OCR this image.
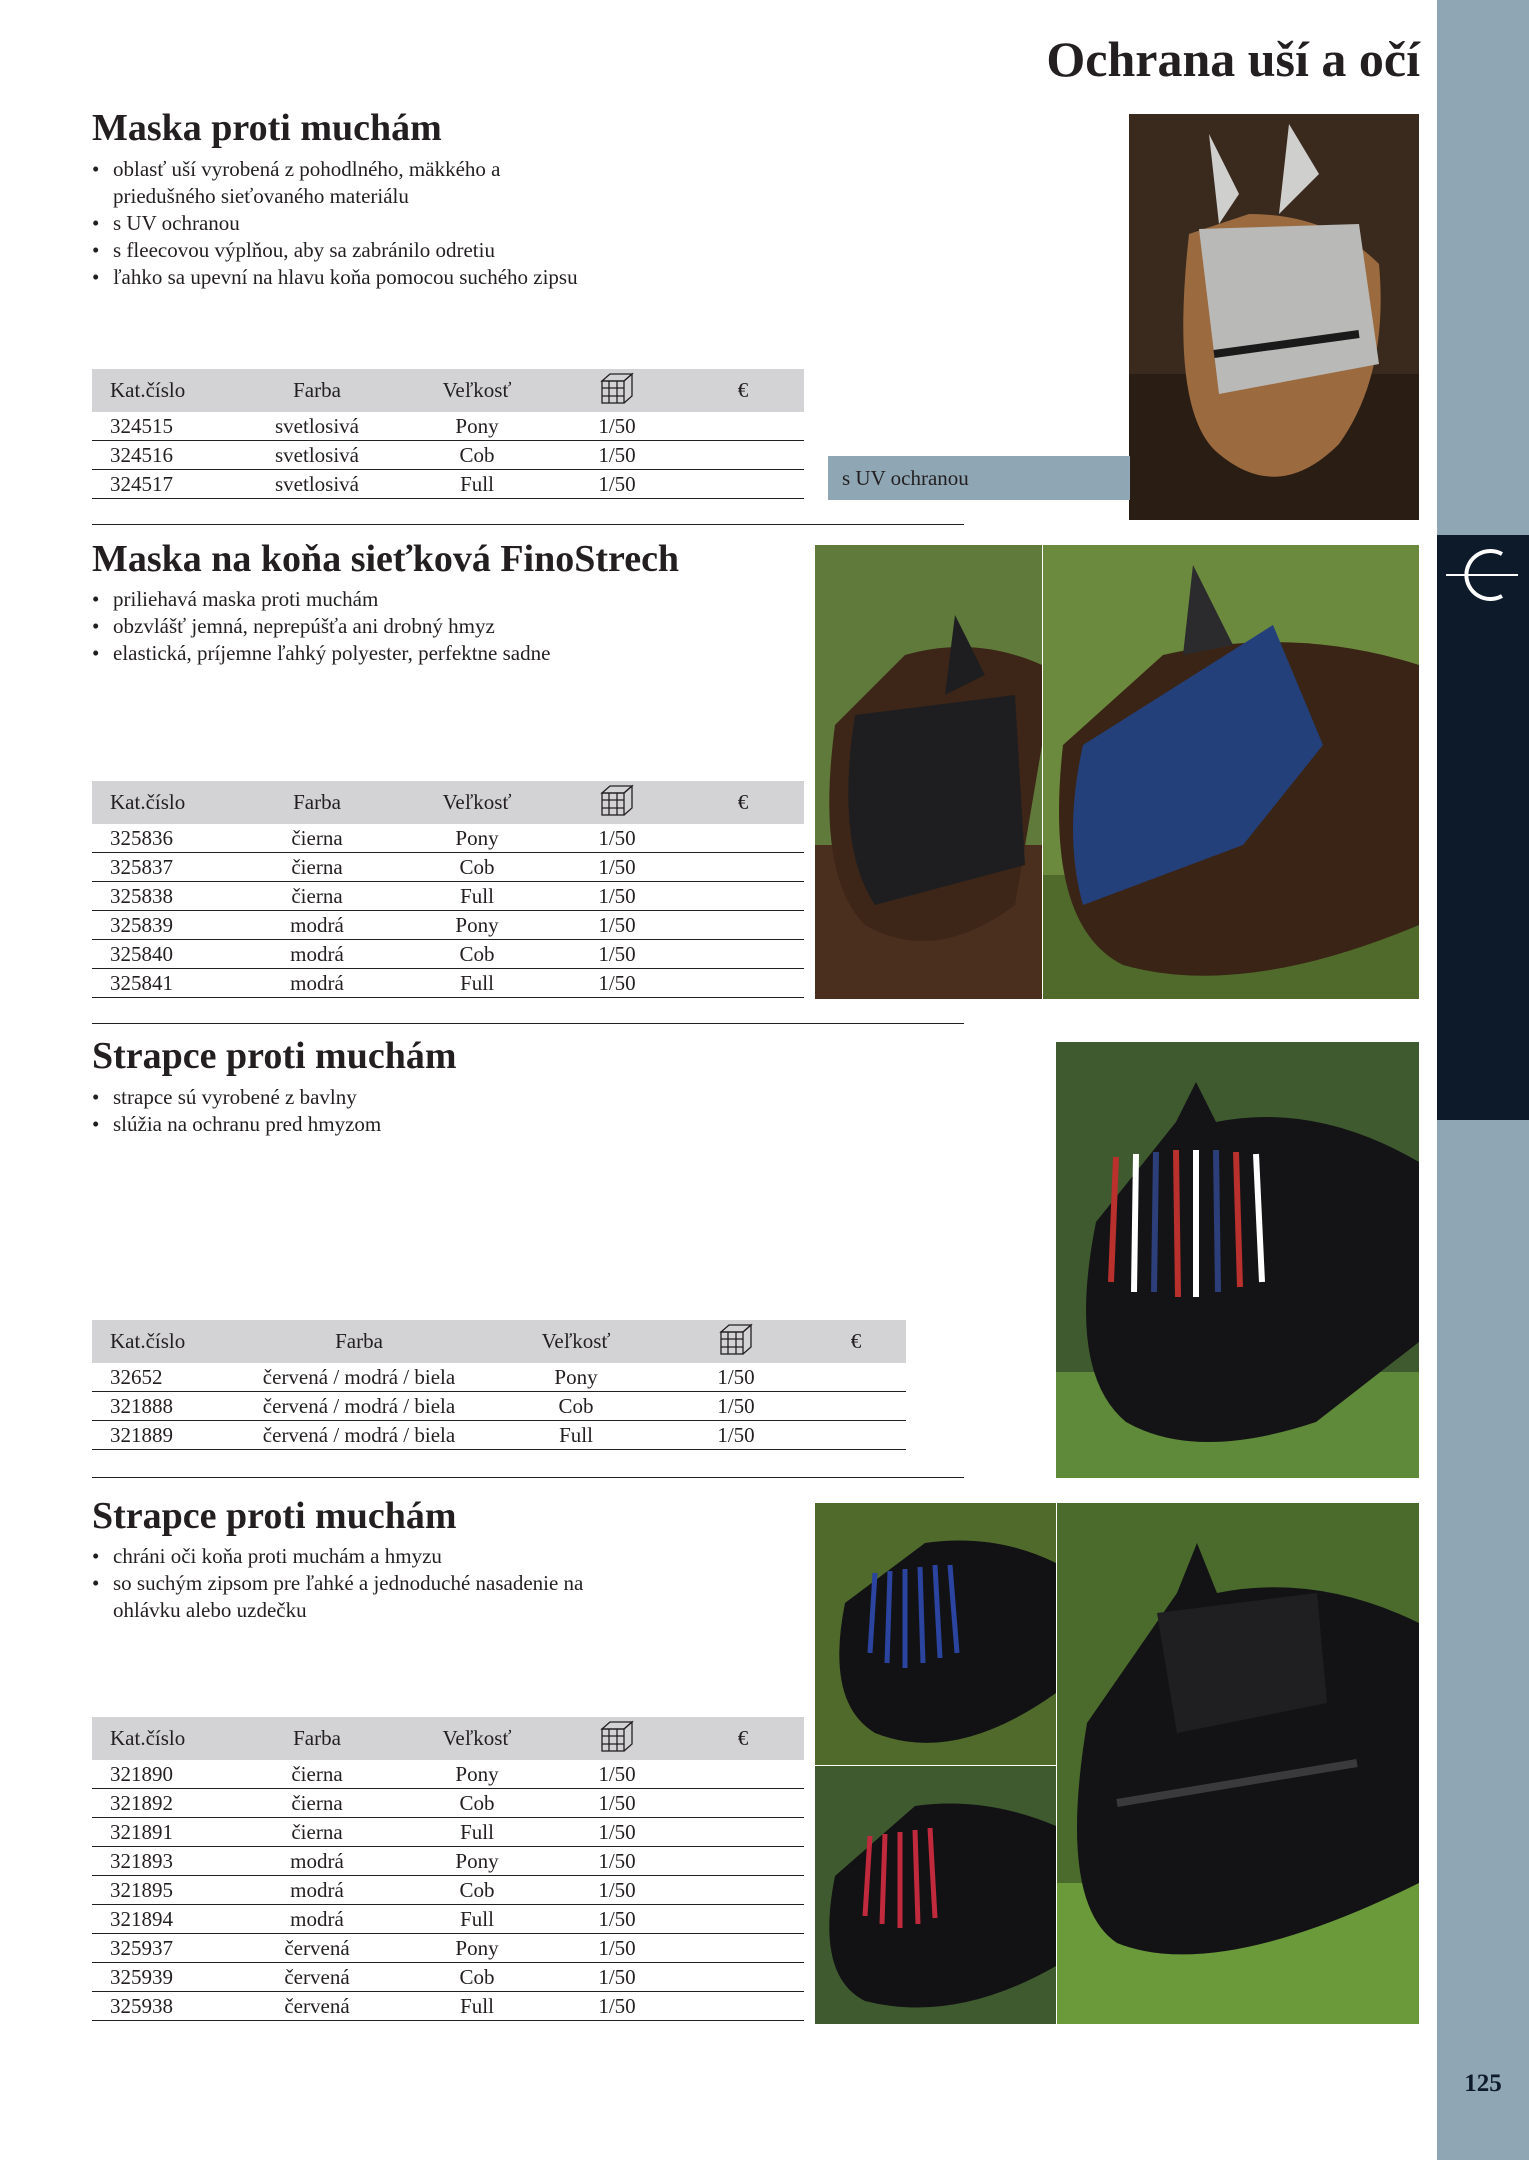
125
Ochrana uší a očí
Maska proti muchám
• oblasť uší vyrobená z pohodlného, mäkkého a
priedušného sieťovaného materiálu
• s UV ochranou
• s fleecovou výplňou, aby sa zabránilo odretiu
• ľahko sa upevní na hlavu koňa pomocou suchého zipsu
Kat.číslo	Farba	Veľkosť		€
324515	svetlosivá	Pony	1/50	
324516	svetlosivá	Cob	1/50	
324517	svetlosivá	Full	1/50		s UV ochranou
Maska na koňa sieťková FinoStrech
• priliehavá maska proti muchám
• obzvlášť jemná, neprepúšťa ani drobný hmyz
• elastická, príjemne ľahký polyester, perfektne sadne
Kat.číslo	Farba	Veľkosť		€
325836	čierna	Pony	1/50	
325837	čierna	Cob	1/50	
325838	čierna	Full	1/50	
325839	modrá	Pony	1/50	
325840	modrá	Cob	1/50	
325841	modrá	Full	1/50	
Strapce proti muchám
• strapce sú vyrobené z bavlny
• slúžia na ochranu pred hmyzom
Kat.číslo	Farba	Veľkosť		€
32652	červená / modrá / biela	Pony	1/50	
321888	červená / modrá / biela	Cob	1/50	
321889	červená / modrá / biela	Full	1/50	
Strapce proti muchám
• chráni oči koňa proti muchám a hmyzu
• so suchým zipsom pre ľahké a jednoduché nasadenie na
ohlávku alebo uzdečku
Kat.číslo	Farba	Veľkosť		€
321890	čierna	Pony	1/50	
321892	čierna	Cob	1/50	
321891	čierna	Full	1/50	
321893	modrá	Pony	1/50	
321895	modrá	Cob	1/50	
321894	modrá	Full	1/50	
325937	červená	Pony	1/50	
325939	červená	Cob	1/50	
325938	červená	Full	1/50	
